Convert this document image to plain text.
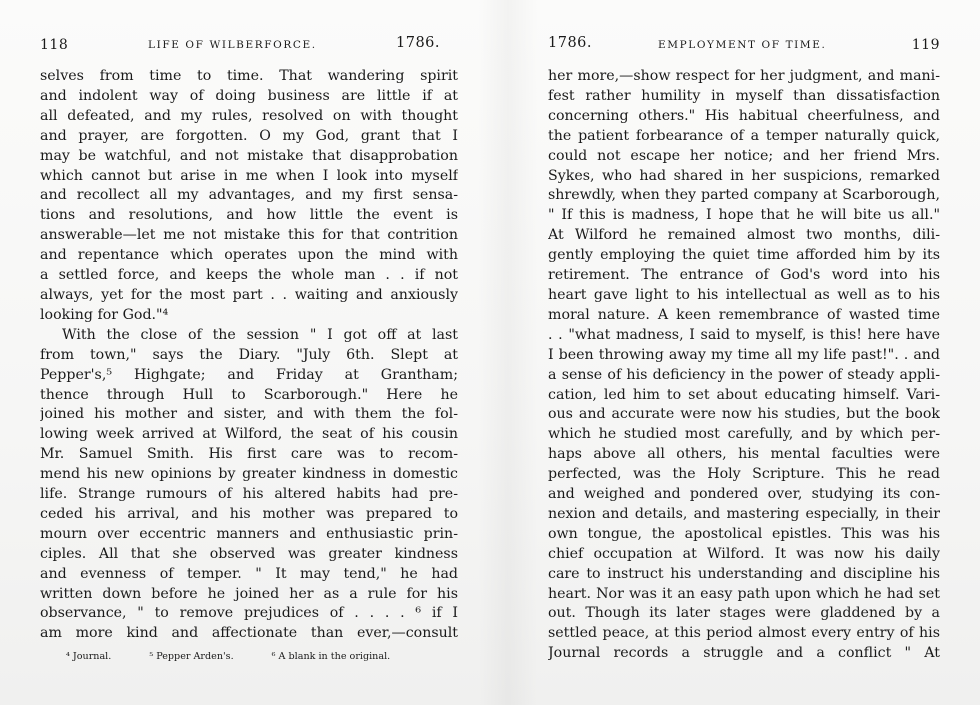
118	LIFE OF WILBERFORCE.	1786.
selves from time to time. That wandering spirit
and indolent way of doing business are little if at
all defeated, and my rules, resolved on with thought
and prayer, are forgotten. O my God, grant that I
may be watchful, and not mistake that disapprobation
which cannot but arise in me when I look into myself
and recollect all my advantages, and my first sensa-
tions and resolutions, and how little the event is
answerable—let me not mistake this for that contrition
and repentance which operates upon the mind with
a settled force, and keeps the whole man . . if not
always, yet for the most part . . waiting and anxiously
looking for God."⁴
With the close of the session " I got off at last
from town," says the Diary. "July 6th. Slept at
Pepper's,⁵ Highgate; and Friday at Grantham;
thence through Hull to Scarborough." Here he
joined his mother and sister, and with them the fol-
lowing week arrived at Wilford, the seat of his cousin
Mr. Samuel Smith. His first care was to recom-
mend his new opinions by greater kindness in domestic
life. Strange rumours of his altered habits had pre-
ceded his arrival, and his mother was prepared to
mourn over eccentric manners and enthusiastic prin-
ciples. All that she observed was greater kindness
and evenness of temper. " It may tend," he had
written down before he joined her as a rule for his
observance, " to remove prejudices of . . . . ⁶ if I
am more kind and affectionate than ever,—consult
⁴ Journal.	⁵ Pepper Arden's.	⁶ A blank in the original.
1786.	EMPLOYMENT OF TIME.	119
her more,—show respect for her judgment, and mani-
fest rather humility in myself than dissatisfaction
concerning others." His habitual cheerfulness, and
the patient forbearance of a temper naturally quick,
could not escape her notice; and her friend Mrs.
Sykes, who had shared in her suspicions, remarked
shrewdly, when they parted company at Scarborough,
" If this is madness, I hope that he will bite us all."
At Wilford he remained almost two months, dili-
gently employing the quiet time afforded him by its
retirement. The entrance of God's word into his
heart gave light to his intellectual as well as to his
moral nature. A keen remembrance of wasted time
. . "what madness, I said to myself, is this! here have
I been throwing away my time all my life past!". . and
a sense of his deficiency in the power of steady appli-
cation, led him to set about educating himself. Vari-
ous and accurate were now his studies, but the book
which he studied most carefully, and by which per-
haps above all others, his mental faculties were
perfected, was the Holy Scripture. This he read
and weighed and pondered over, studying its con-
nexion and details, and mastering especially, in their
own tongue, the apostolical epistles. This was his
chief occupation at Wilford. It was now his daily
care to instruct his understanding and discipline his
heart. Nor was it an easy path upon which he had set
out. Though its later stages were gladdened by a
settled peace, at this period almost every entry of his
Journal records a struggle and a conflict " At
